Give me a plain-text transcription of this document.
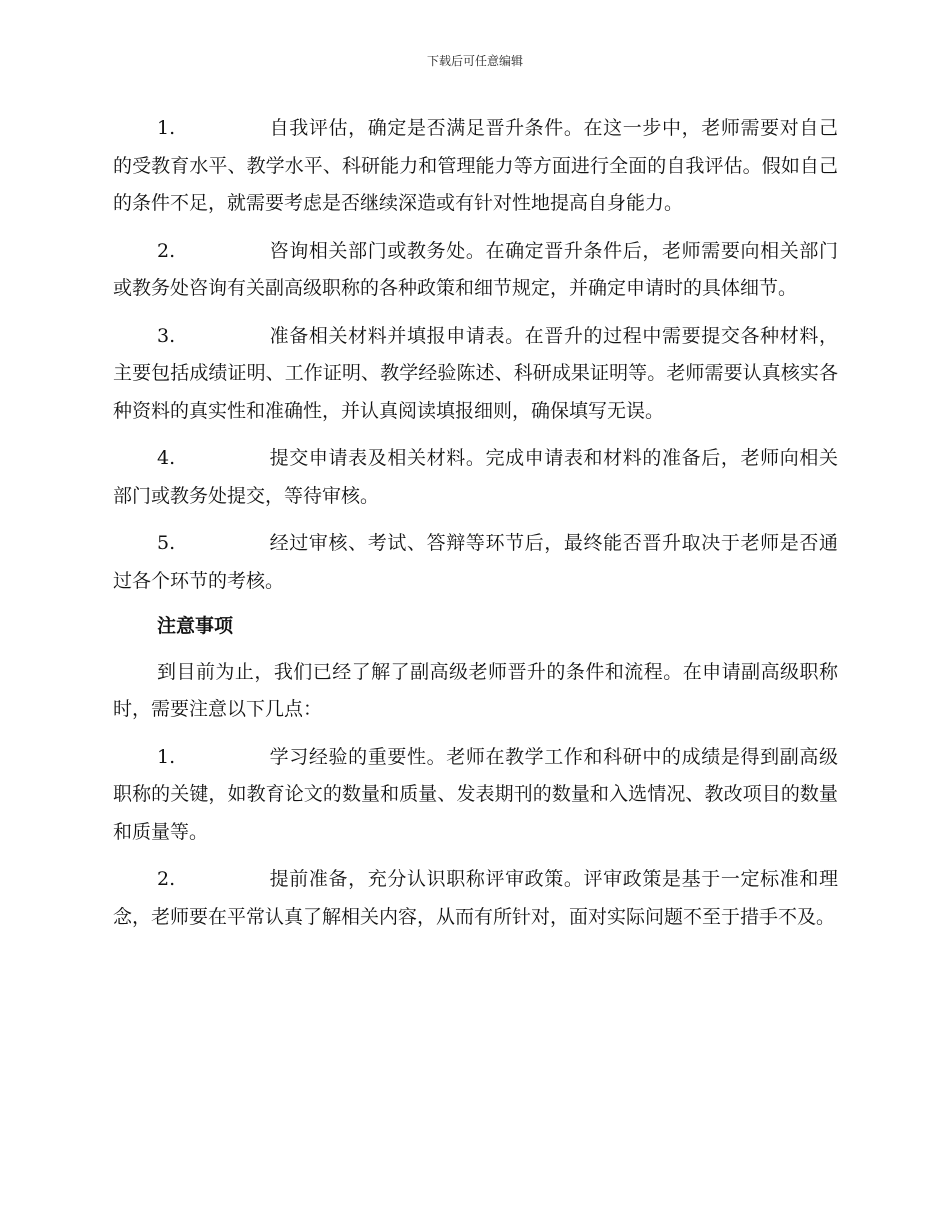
下载后可任意编辑

1.	自我评估，确定是否满足晋升条件。在这一步中，老师需要对自己的受教育水平、教学水平、科研能力和管理能力等方面进行全面的自我评估。假如自己的条件不足，就需要考虑是否继续深造或有针对性地提高自身能力。

2.	咨询相关部门或教务处。在确定晋升条件后，老师需要向相关部门或教务处咨询有关副高级职称的各种政策和细节规定，并确定申请时的具体细节。

3.	准备相关材料并填报申请表。在晋升的过程中需要提交各种材料，主要包括成绩证明、工作证明、教学经验陈述、科研成果证明等。老师需要认真核实各种资料的真实性和准确性，并认真阅读填报细则，确保填写无误。

4.	提交申请表及相关材料。完成申请表和材料的准备后，老师向相关部门或教务处提交，等待审核。

5.	经过审核、考试、答辩等环节后，最终能否晋升取决于老师是否通过各个环节的考核。

注意事项

到目前为止，我们已经了解了副高级老师晋升的条件和流程。在申请副高级职称时，需要注意以下几点：

1.	学习经验的重要性。老师在教学工作和科研中的成绩是得到副高级职称的关键，如教育论文的数量和质量、发表期刊的数量和入选情况、教改项目的数量和质量等。

2.	提前准备，充分认识职称评审政策。评审政策是基于一定标准和理念，老师要在平常认真了解相关内容，从而有所针对，面对实际问题不至于措手不及。
